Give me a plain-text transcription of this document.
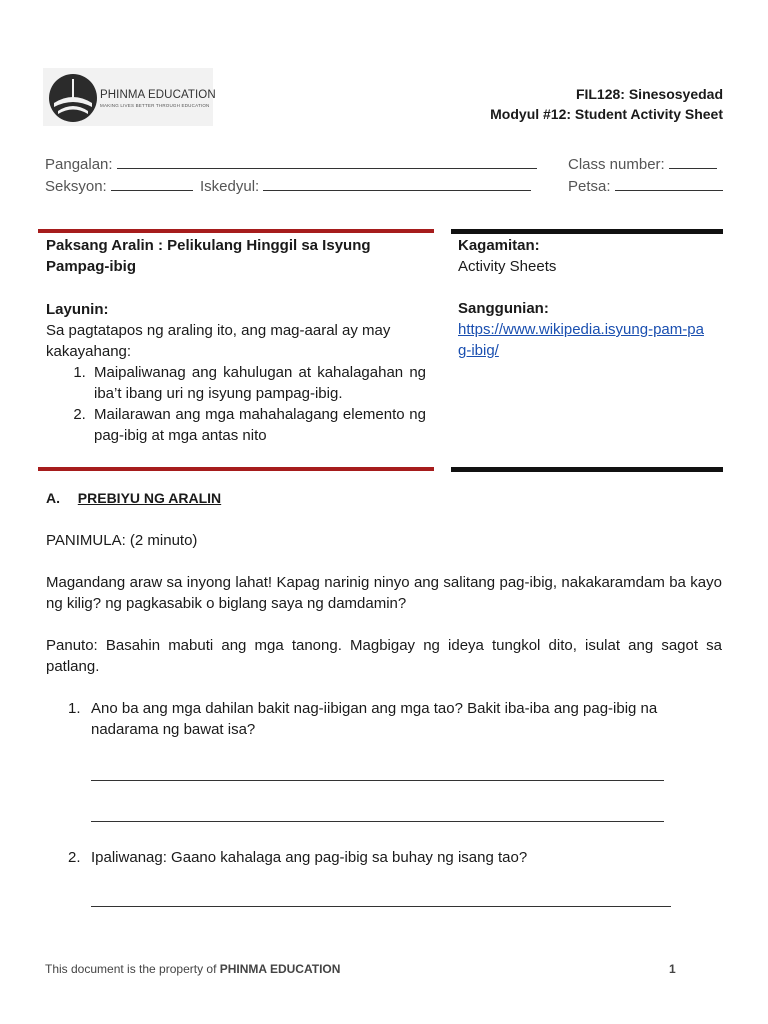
PHINMA EDUCATION
MAKING LIVES BETTER THROUGH EDUCATION
FIL128: Sinesosyedad
Modyul #12: Student Activity Sheet
Pangalan:	Class number:
Seksyon:	Iskedyul:	Petsa:
Paksang Aralin : Pelikulang Hinggil sa Isyung
Pampag-ibig
Layunin:
Sa pagtatapos ng araling ito, ang mag-aaral ay may kakayahang:
1. Maipaliwanag ang kahulugan at kahalagahan ng iba’t ibang uri ng isyung pampag-ibig.
2. Mailarawan ang mga mahahalagang elemento ng pag-ibig at mga antas nito
Kagamitan:
Activity Sheets
Sanggunian:
https://www.wikipedia.isyung-pam-pag-ibig/
A. PREBIYU NG ARALIN
PANIMULA: (2 minuto)
Magandang araw sa inyong lahat! Kapag narinig ninyo ang salitang pag-ibig, nakakaramdam ba kayo ng kilig? ng pagkasabik o biglang saya ng damdamin?
Panuto: Basahin mabuti ang mga tanong. Magbigay ng ideya tungkol dito, isulat ang sagot sa patlang.
1. Ano ba ang mga dahilan bakit nag-iibigan ang mga tao? Bakit iba-iba ang pag-ibig na nadarama ng bawat isa?
2. Ipaliwanag: Gaano kahalaga ang pag-ibig sa buhay ng isang tao?
This document is the property of PHINMA EDUCATION	1
